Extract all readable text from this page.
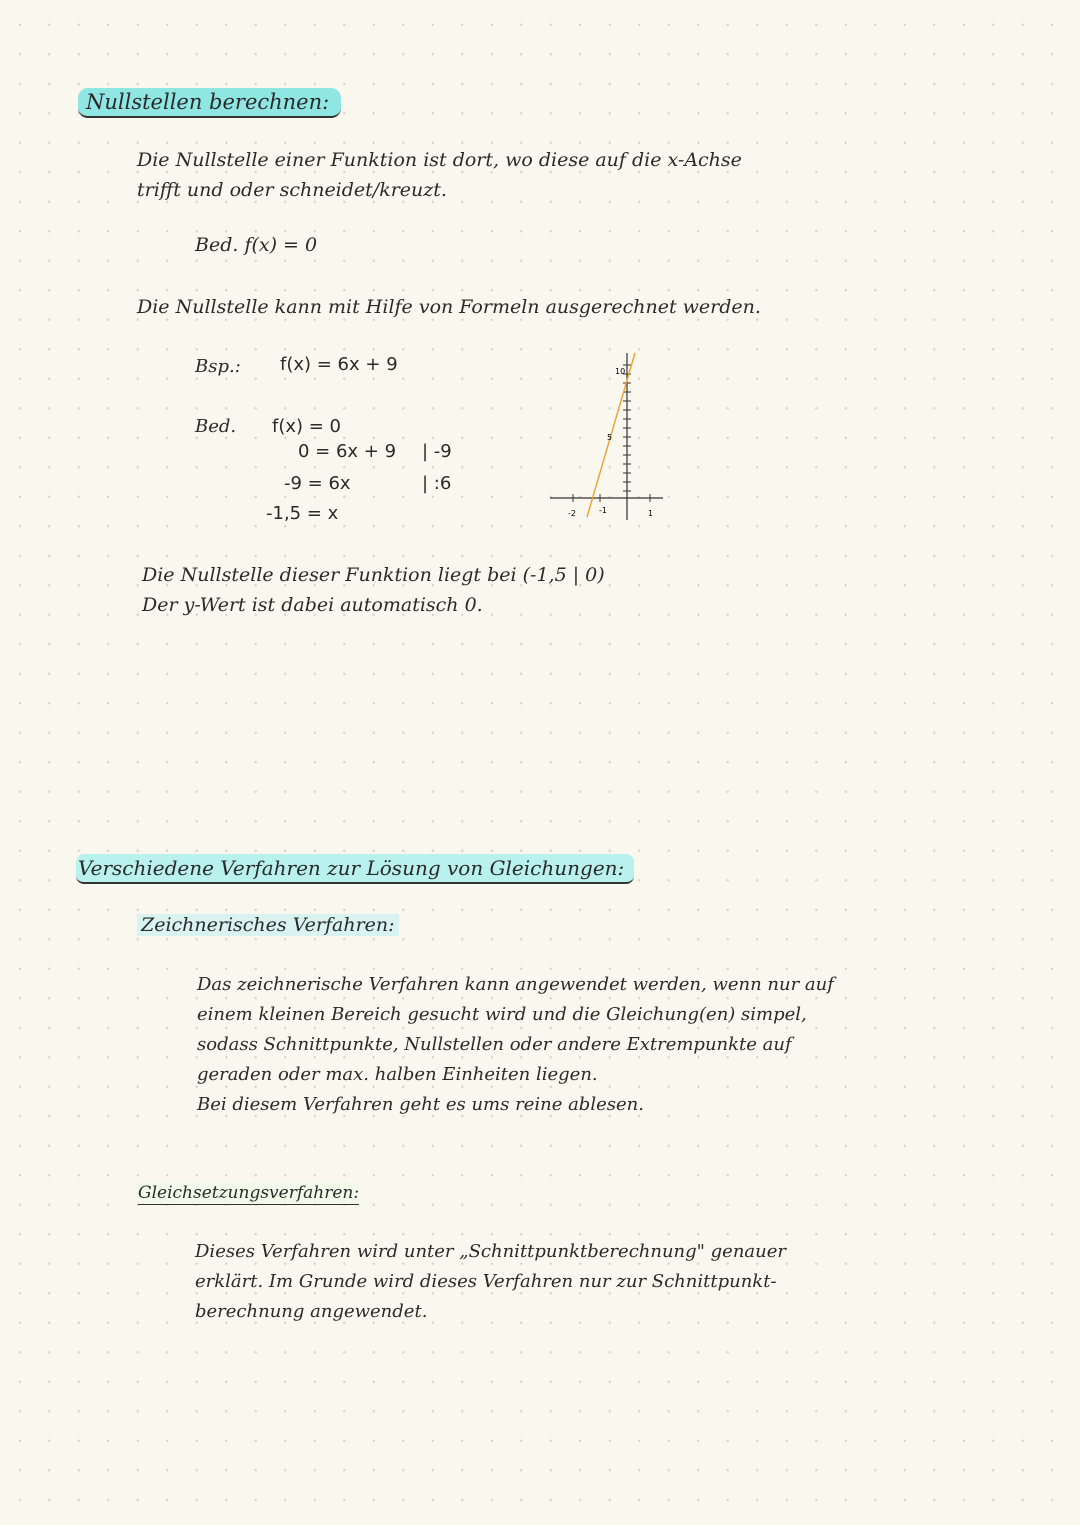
Nullstellen berechnen:
Die Nullstelle einer Funktion ist dort, wo diese auf die x-Achse
trifft und oder schneidet/kreuzt.
Bed. f(x) = 0
Die Nullstelle kann mit Hilfe von Formeln ausgerechnet werden.
Bsp.: f(x) = 6x + 9
Bed. f(x) = 0
0 = 6x + 9
-9 = 6x
-1,5 = x
| -9
| :6
10
5
-2	-1	1
Die Nullstelle dieser Funktion liegt bei (-1,5 | 0)
Der y-Wert ist dabei automatisch 0.
Verschiedene Verfahren zur Lösung von Gleichungen:
Zeichnerisches Verfahren:
Das zeichnerische Verfahren kann angewendet werden, wenn nur auf
einem kleinen Bereich gesucht wird und die Gleichung(en) simpel,
sodass Schnittpunkte, Nullstellen oder andere Extrempunkte auf
geraden oder max. halben Einheiten liegen.
Bei diesem Verfahren geht es ums reine ablesen.
Gleichsetzungsverfahren:
Dieses Verfahren wird unter „Schnittpunktberechnung" genauer
erklärt. Im Grunde wird dieses Verfahren nur zur Schnittpunkt-
berechnung angewendet.
